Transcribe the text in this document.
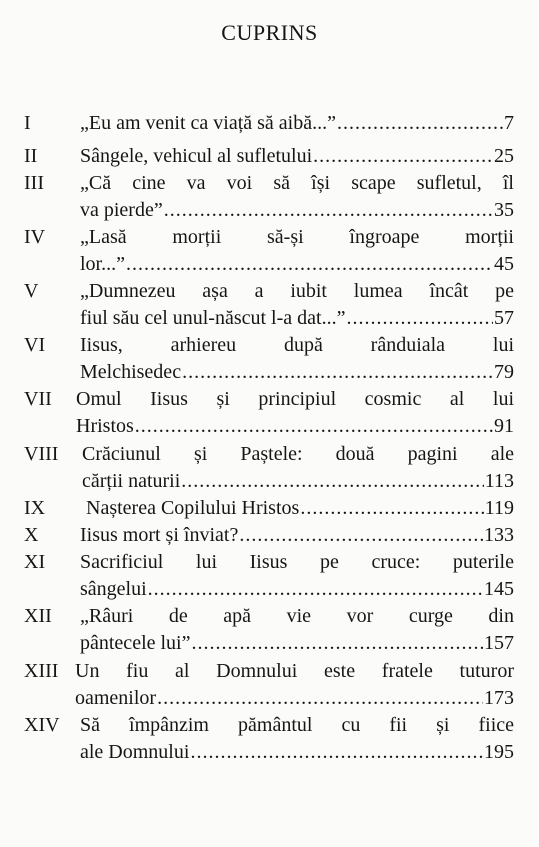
CUPRINS
I „Eu am venit ca viață să aibă...” .....	7
II Sângele, vehicul al sufletului .....	25
III „Că cine va voi să își scape sufletul, îl
va pierde” .....	35
IV „Lasă morții să-și îngroape morții
lor...” .....	45
V „Dumnezeu așa a iubit lumea încât pe
fiul său cel unul-născut l-a dat...” .....	57
VI Iisus, arhiereu după rânduiala lui
Melchisedec .....	79
VII Omul Iisus și principiul cosmic al lui
Hristos .....	91
VIII Crăciunul și Paștele: două pagini ale
cărții naturii .....	113
IX Nașterea Copilului Hristos .....	119
X Iisus mort și înviat? .....	133
XI Sacrificiul lui Iisus pe cruce: puterile
sângelui .....	145
XII „Râuri de apă vie vor curge din
pântecele lui” .....	157
XIII Un fiu al Domnului este fratele tuturor
oamenilor .....	173
XIV Să împânzim pământul cu fii și fiice
ale Domnului .....	195
